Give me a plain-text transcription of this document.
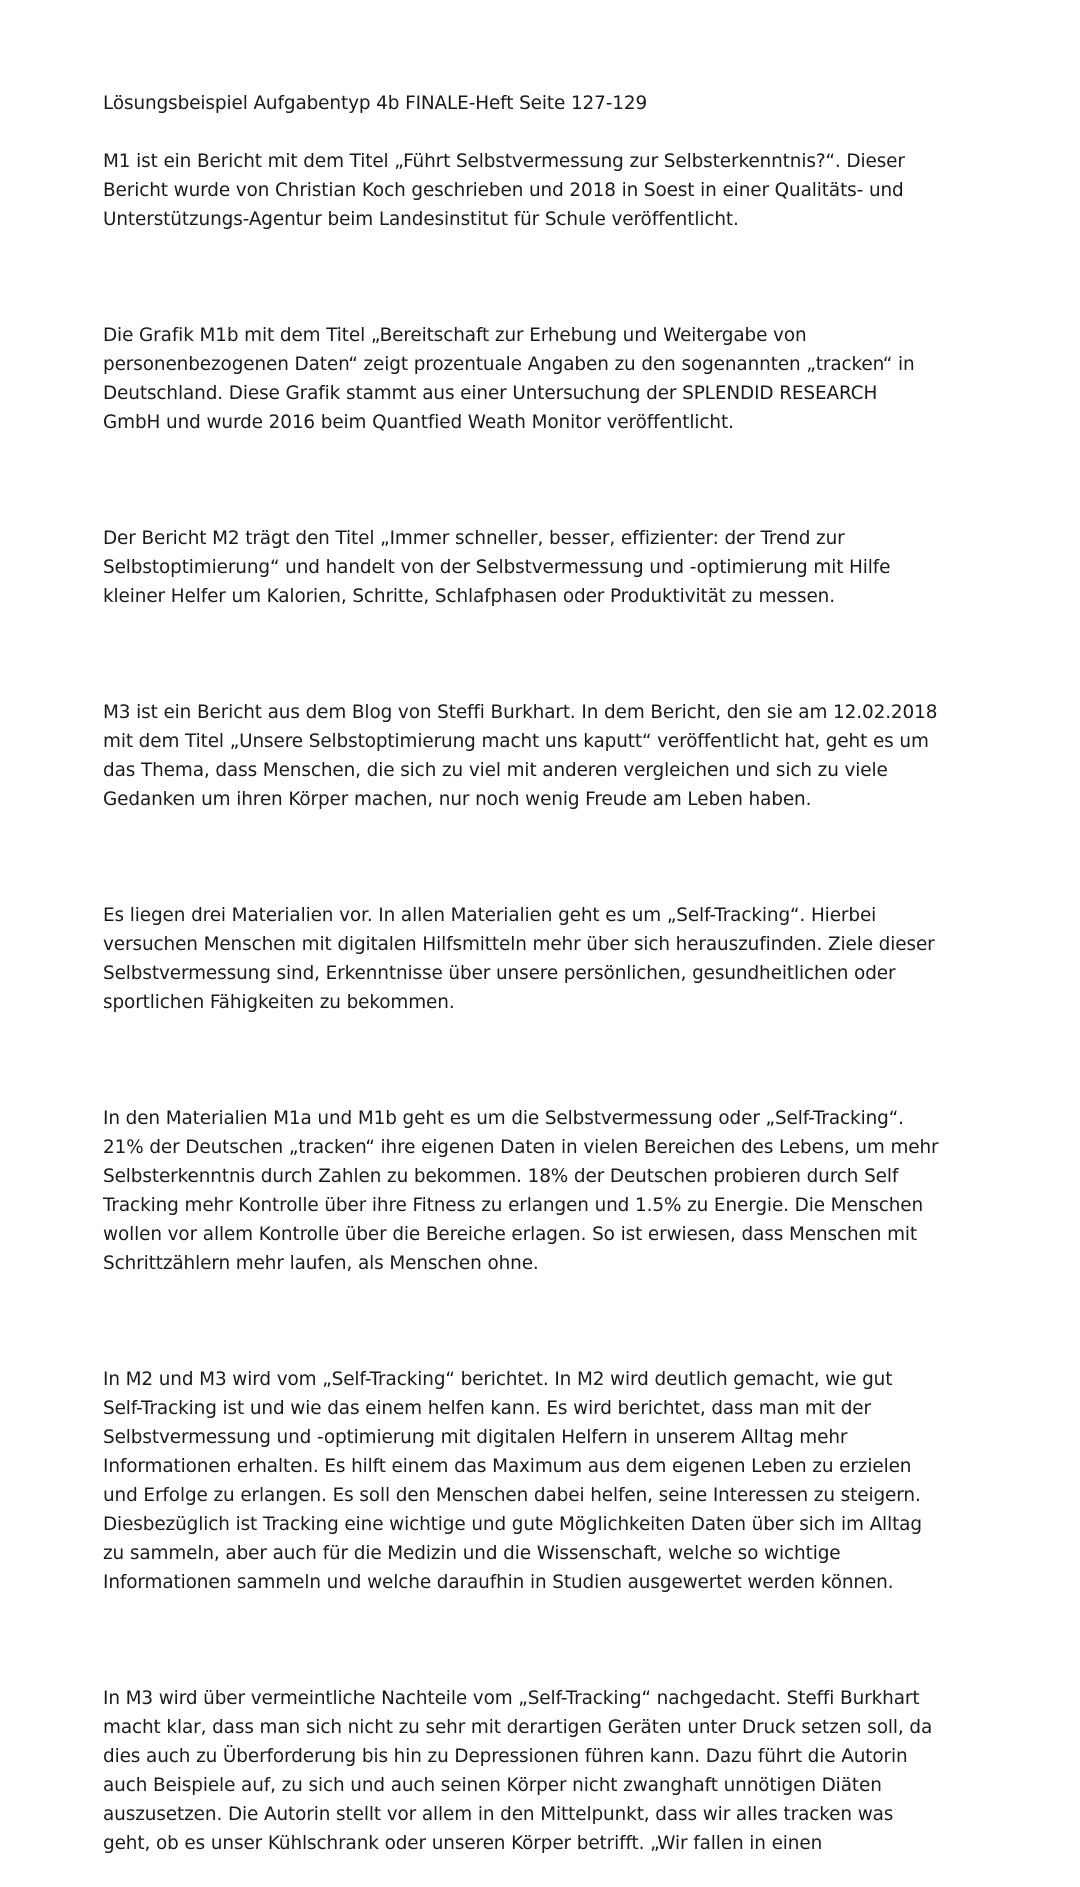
Lösungsbeispiel Aufgabentyp 4b FINALE-Heft Seite 127-129

M1 ist ein Bericht mit dem Titel „Führt Selbstvermessung zur Selbsterkenntnis?“. Dieser
Bericht wurde von Christian Koch geschrieben und 2018 in Soest in einer Qualitäts- und
Unterstützungs-Agentur beim Landesinstitut für Schule veröffentlicht.

Die Grafik M1b mit dem Titel „Bereitschaft zur Erhebung und Weitergabe von
personenbezogenen Daten“ zeigt prozentuale Angaben zu den sogenannten „tracken“ in
Deutschland. Diese Grafik stammt aus einer Untersuchung der SPLENDID RESEARCH
GmbH und wurde 2016 beim Quantfied Weath Monitor veröffentlicht.

Der Bericht M2 trägt den Titel „Immer schneller, besser, effizienter: der Trend zur
Selbstoptimierung“ und handelt von der Selbstvermessung und -optimierung mit Hilfe
kleiner Helfer um Kalorien, Schritte, Schlafphasen oder Produktivität zu messen.

M3 ist ein Bericht aus dem Blog von Steffi Burkhart. In dem Bericht, den sie am 12.02.2018
mit dem Titel „Unsere Selbstoptimierung macht uns kaputt“ veröffentlicht hat, geht es um
das Thema, dass Menschen, die sich zu viel mit anderen vergleichen und sich zu viele
Gedanken um ihren Körper machen, nur noch wenig Freude am Leben haben.

Es liegen drei Materialien vor. In allen Materialien geht es um „Self-Tracking“. Hierbei
versuchen Menschen mit digitalen Hilfsmitteln mehr über sich herauszufinden. Ziele dieser
Selbstvermessung sind, Erkenntnisse über unsere persönlichen, gesundheitlichen oder
sportlichen Fähigkeiten zu bekommen.

In den Materialien M1a und M1b geht es um die Selbstvermessung oder „Self-Tracking“.
21% der Deutschen „tracken“ ihre eigenen Daten in vielen Bereichen des Lebens, um mehr
Selbsterkenntnis durch Zahlen zu bekommen. 18% der Deutschen probieren durch Self
Tracking mehr Kontrolle über ihre Fitness zu erlangen und 1.5% zu Energie. Die Menschen
wollen vor allem Kontrolle über die Bereiche erlagen. So ist erwiesen, dass Menschen mit
Schrittzählern mehr laufen, als Menschen ohne.

In M2 und M3 wird vom „Self-Tracking“ berichtet. In M2 wird deutlich gemacht, wie gut
Self-Tracking ist und wie das einem helfen kann. Es wird berichtet, dass man mit der
Selbstvermessung und -optimierung mit digitalen Helfern in unserem Alltag mehr
Informationen erhalten. Es hilft einem das Maximum aus dem eigenen Leben zu erzielen
und Erfolge zu erlangen. Es soll den Menschen dabei helfen, seine Interessen zu steigern.
Diesbezüglich ist Tracking eine wichtige und gute Möglichkeiten Daten über sich im Alltag
zu sammeln, aber auch für die Medizin und die Wissenschaft, welche so wichtige
Informationen sammeln und welche daraufhin in Studien ausgewertet werden können.

In M3 wird über vermeintliche Nachteile vom „Self-Tracking“ nachgedacht. Steffi Burkhart
macht klar, dass man sich nicht zu sehr mit derartigen Geräten unter Druck setzen soll, da
dies auch zu Überforderung bis hin zu Depressionen führen kann. Dazu führt die Autorin
auch Beispiele auf, zu sich und auch seinen Körper nicht zwanghaft unnötigen Diäten
auszusetzen. Die Autorin stellt vor allem in den Mittelpunkt, dass wir alles tracken was
geht, ob es unser Kühlschrank oder unseren Körper betrifft. „Wir fallen in einen
